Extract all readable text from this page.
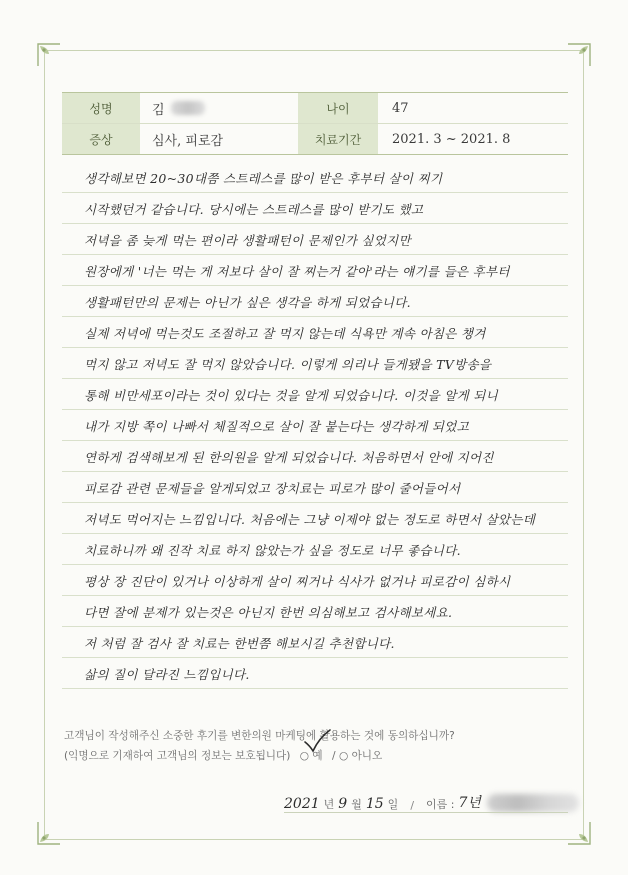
성명	김	나이	47
증상	심사, 피로감	치료기간	2021. 3 ~ 2021. 8
생각해보면 20~30대쯤 스트레스를 많이 받은 후부터 살이 찌기
시작했던거 같습니다. 당시에는 스트레스를 많이 받기도 했고
저녁을 좀 늦게 먹는 편이라 생활패턴이 문제인가 싶었지만
원장에게 '너는 먹는 게 저보다 살이 잘 찌는거 같아'라는 얘기를 들은 후부터
생활패턴만의 문제는 아닌가 싶은 생각을 하게 되었습니다.
실제 저녁에 먹는것도 조절하고 잘 먹지 않는데 식욕만 계속 아침은 챙겨
먹지 않고 저녁도 잘 먹지 않았습니다. 이렇게 의리나 들게됐을 TV방송을
통해 비만세포이라는 것이 있다는 것을 알게 되었습니다. 이것을 알게 되니
내가 지방 쪽이 나빠서 체질적으로 살이 잘 붙는다는 생각하게 되었고
연하게 검색해보게 된 한의원을 알게 되었습니다. 처음하면서 안에 지어진
피로감 관련 문제들을 알게되었고 장치료는 피로가 많이 줄어들어서
저녁도 먹어지는 느낌입니다. 처음에는 그냥 이제야 없는 정도로 하면서 살았는데
치료하니까 왜 진작 치료 하지 않았는가 싶을 정도로 너무 좋습니다.
평상 장 진단이 있거나 이상하게 살이 찌거나 식사가 없거나 피로감이 심하시
다면 잘에 분제가 있는것은 아닌지 한번 의심해보고 검사해보세요.
저 처럼 잘 검사 잘 치료는 한번쯤 해보시길 추천합니다.
삶의 질이 달라진 느낌입니다.
고객님이 작성해주신 소중한 후기를 변한의원 마케팅에 활용하는 것에 동의하십니까?
(익명으로 기재하여 고객님의 정보는 보호됩니다) ○ 예 / ○ 아니오
2021 년 9 월 15 일 / 이름 : 7년
